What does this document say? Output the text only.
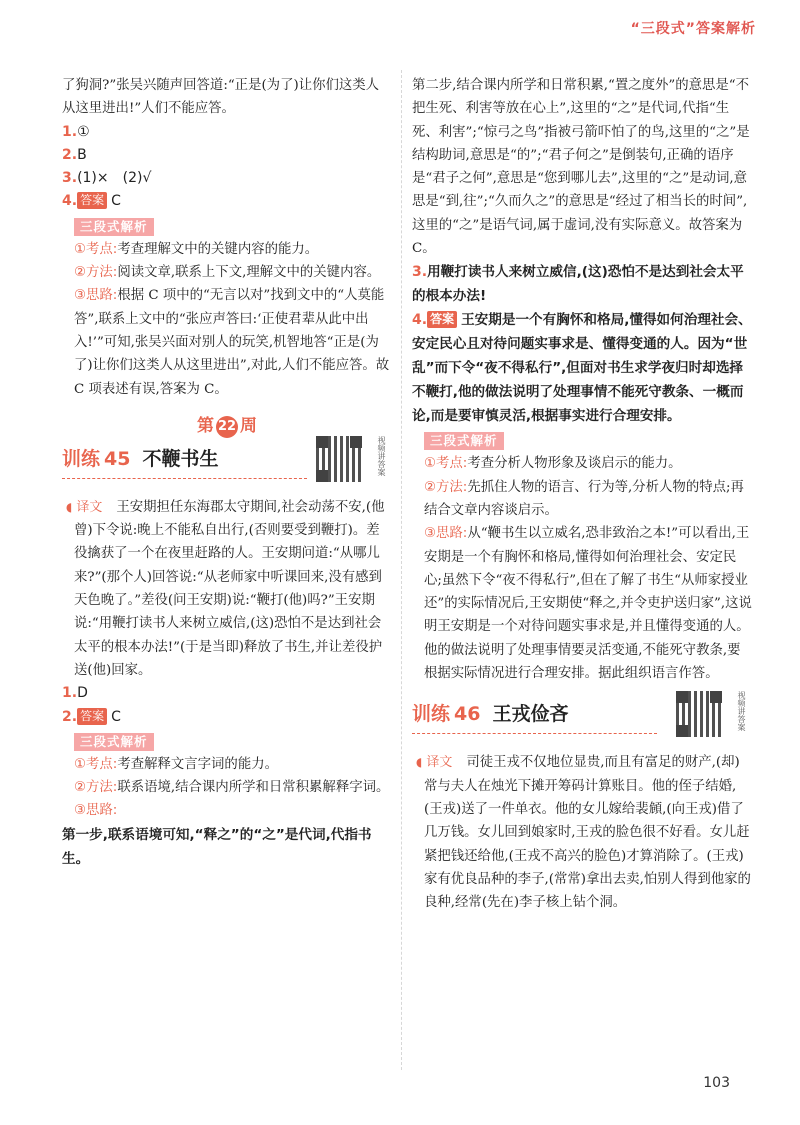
“三段式”答案解析

了狗洞?”张吴兴随声回答道:“正是(为了)让你们这类人从这里进出!”人们不能应答。

1.①
2.B
3.(1)×　(2)√
4. 答案 C
三段式解析

①考点:考查理解文中的关键内容的能力。

②方法:阅读文章,联系上下文,理解文中的关键内容。

③思路:根据 C 项中的“无言以对”找到文中的“人莫能答”,联系上文中的“张应声答曰:‘正使君辈从此中出入!’”可知,张吴兴面对别人的玩笑,机智地答“正是(为了)让你们这类人从这里进出”,对此,人们不能应答。故 C 项表述有误,答案为 C。

第 22 周
训练 45 不鞭书生	视频讲答案

◖ 译文 王安期担任东海郡太守期间,社会动荡不安,(他曾)下令说:晚上不能私自出行,(否则要受到鞭打)。差役擒获了一个在夜里赶路的人。王安期问道:“从哪儿来?”(那个人)回答说:“从老师家中听课回来,没有感到天色晚了。”差役(问王安期)说:“鞭打(他)吗?”王安期说:“用鞭打读书人来树立威信,(这)恐怕不是达到社会太平的根本办法!”(于是当即)释放了书生,并让差役护送(他)回家。

1.D
2. 答案 C
三段式解析

①考点:考查解释文言字词的能力。

②方法:联系语境,结合课内所学和日常积累解释字词。

③思路:

第一步,联系语境可知,“释之”的“之”是代词,代指书生。

第二步,结合课内所学和日常积累,“置之度外”的意思是“不把生死、利害等放在心上”,这里的“之”是代词,代指“生死、利害”;“惊弓之鸟”指被弓箭吓怕了的鸟,这里的“之”是结构助词,意思是“的”;“君子何之”是倒装句,正确的语序是“君子之何”,意思是“您到哪儿去”,这里的“之”是动词,意思是“到,往”;“久而久之”的意思是“经过了相当长的时间”,这里的“之”是语气词,属于虚词,没有实际意义。故答案为 C。

3.用鞭打读书人来树立威信,(这)恐怕不是达到社会太平的根本办法!
4. 答案 王安期是一个有胸怀和格局,懂得如何治理社会、安定民心且对待问题实事求是、懂得变通的人。因为“世乱”而下令“夜不得私行”,但面对书生求学夜归时却选择不鞭打,他的做法说明了处理事情不能死守教条、一概而论,而是要审慎灵活,根据事实进行合理安排。
三段式解析

①考点:考查分析人物形象及谈启示的能力。

②方法:先抓住人物的语言、行为等,分析人物的特点;再结合文章内容谈启示。

③思路:从“鞭书生以立威名,恐非致治之本!”可以看出,王安期是一个有胸怀和格局,懂得如何治理社会、安定民心;虽然下令“夜不得私行”,但在了解了书生“从师家授业还”的实际情况后,王安期使“释之,并令吏护送归家”,这说明王安期是一个对待问题实事求是,并且懂得变通的人。他的做法说明了处理事情要灵活变通,不能死守教条,要根据实际情况进行合理安排。据此组织语言作答。

训练 46 王戎俭吝	视频讲答案

◖ 译文 司徒王戎不仅地位显贵,而且有富足的财产,(却)常与夫人在烛光下摊开筹码计算账目。他的侄子结婚,(王戎)送了一件单衣。他的女儿嫁给裴頠,(向王戎)借了几万钱。女儿回到娘家时,王戎的脸色很不好看。女儿赶紧把钱还给他,(王戎不高兴的脸色)才算消除了。(王戎)家有优良品种的李子,(常常)拿出去卖,怕别人得到他家的良种,经常(先在)李子核上钻个洞。

103
